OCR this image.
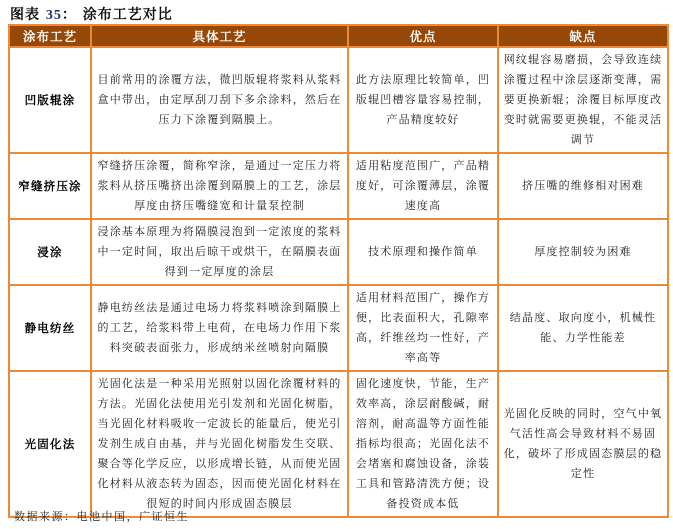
图表 35： 涂布工艺对比
涂布工艺	具体工艺	优点	缺点
凹版辊涂	目前常用的涂覆方法，微凹版辊将浆料从浆料盒中带出，由定厚刮刀刮下多余涂料，然后在压力下涂覆到隔膜上。	此方法原理比较简单，凹版辊凹槽容量容易控制，产品精度较好	网纹辊容易磨损，会导致连续涂覆过程中涂层逐渐变薄，需要更换新辊；涂覆目标厚度改变时就需要更换辊，不能灵活调节
窄缝挤压涂	窄缝挤压涂覆，简称窄涂，是通过一定压力将浆料从挤压嘴挤出涂覆到隔膜上的工艺，涂层厚度由挤压嘴缝宽和计量泵控制	适用粘度范围广，产品精度好，可涂覆薄层，涂覆速度高	挤压嘴的维修相对困难
浸涂	浸涂基本原理为将隔膜浸泡到一定浓度的浆料中一定时间，取出后晾干或烘干，在隔膜表面得到一定厚度的涂层	技术原理和操作简单	厚度控制较为困难
静电纺丝	静电纺丝法是通过电场力将浆料喷涂到隔膜上的工艺，给浆料带上电荷，在电场力作用下浆料突破表面张力，形成纳米丝喷射向隔膜	适用材料范围广，操作方便，比表面积大，孔隙率高，纤维丝均一性好，产率高等	结晶度、取向度小，机械性能、力学性能差
光固化法	光固化法是一种采用光照射以固化涂覆材料的方法。光固化法使用光引发剂和光固化树脂，当光固化材料吸收一定波长的能量后，使光引发剂生成自由基，并与光固化树脂发生交联、聚合等化学反应，以形成增长链，从而使光固化材料从液态转为固态，因而使光固化材料在很短的时间内形成固态膜层	固化速度快，节能，生产效率高，涂层耐酸碱，耐溶剂，耐高温等方面性能指标均很高；光固化法不会堵塞和腐蚀设备，涂装工具和管路清洗方便；设备投资成本低	光固化反映的同时，空气中氧气活性高会导致材料不易固化，破坏了形成固态膜层的稳定性
数据来源：电池中国，广证恒生
